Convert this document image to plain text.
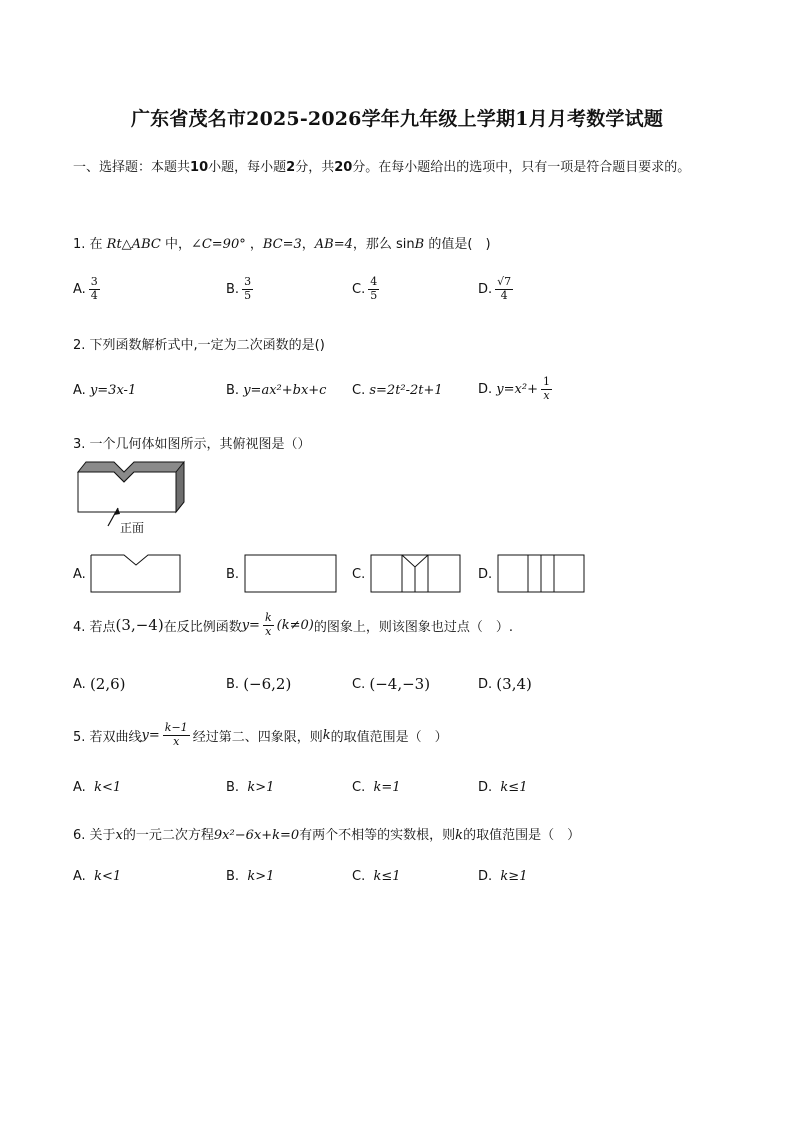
广东省茂名市2025-2026学年九年级上学期1月月考数学试题
一、选择题：本题共10小题，每小题2分，共20分。在每小题给出的选项中，只有一项是符合题目要求的。
1. 在 Rt△ABC 中，∠C=90° ，BC=3，AB=4，那么 sinB 的值是(　)
A. $\frac{3}{4}$	B. $\frac{3}{5}$	C. $\frac{4}{5}$	D. $\frac{√7}{4}$
2. 下列函数解析式中,一定为二次函数的是()
A.
y=3x-1	B.
y=ax²+bx+c C.
s=2t²-2t+1	D.
$y=x^2+ \frac{1}{x}$
3. 一个几何体如图所示，其俯视图是（）
正面
A.	B.	C.	D.
4. 若点 (3,−4) 在反比例函数 $y= \frac{k}{x} (k\ne 0)$ 的图象上，则该图象也过点（　）.
A.
(2,6)	B.
(−6,2)	C.
(−4,−3)	D.
(3,4)
5. 若双曲线 $y= \frac{k-1}{x}$ 经过第二、四象限，则 k 的取值范围是（　）
A.
k<1	B.
k>1	C.
k=1	D.
k≤1
6. 关于x的一元二次方程9x²−6x+k=0有两个不相等的实数根，则k的取值范围是（　）
A.
k<1	B.
k>1	C.
k≤1	D.
k≥1
